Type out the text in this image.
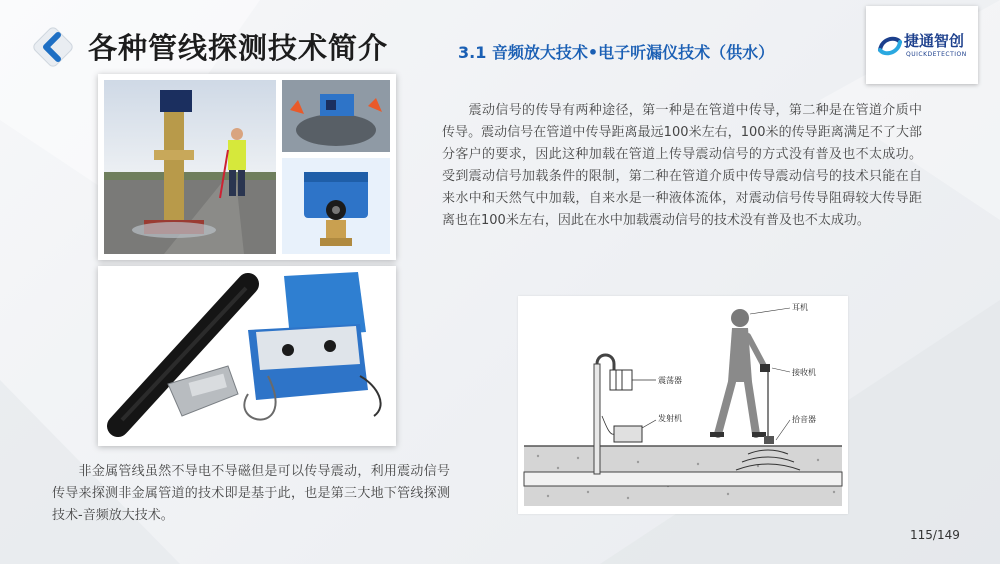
各种管线探测技术简介	3.1 音频放大技术•电子听漏仪技术（供水）
捷通智创
QUICKDETECTION
　　震动信号的传导有两种途径，第一种是在管道中传导，第二种是在管道介质中传导。震动信号在管道中传导距离最远100米左右，100米的传导距离满足不了大部分客户的要求，因此这种加载在管道上传导震动信号的方式没有普及也不太成功。受到震动信号加载条件的限制，第二种在管道介质中传导震动信号的技术只能在自来水中和天然气中加载，自来水是一种液体流体，对震动信号传导阻碍较大传导距离也在100米左右，因此在水中加载震动信号的技术没有普及也不太成功。
　　非金属管线虽然不导电不导磁但是可以传导震动，利用震动信号传导来探测非金属管道的技术即是基于此，也是第三大地下管线探测技术-音频放大技术。
耳机
震荡器
发射机
接收机
拾音器
115/149
